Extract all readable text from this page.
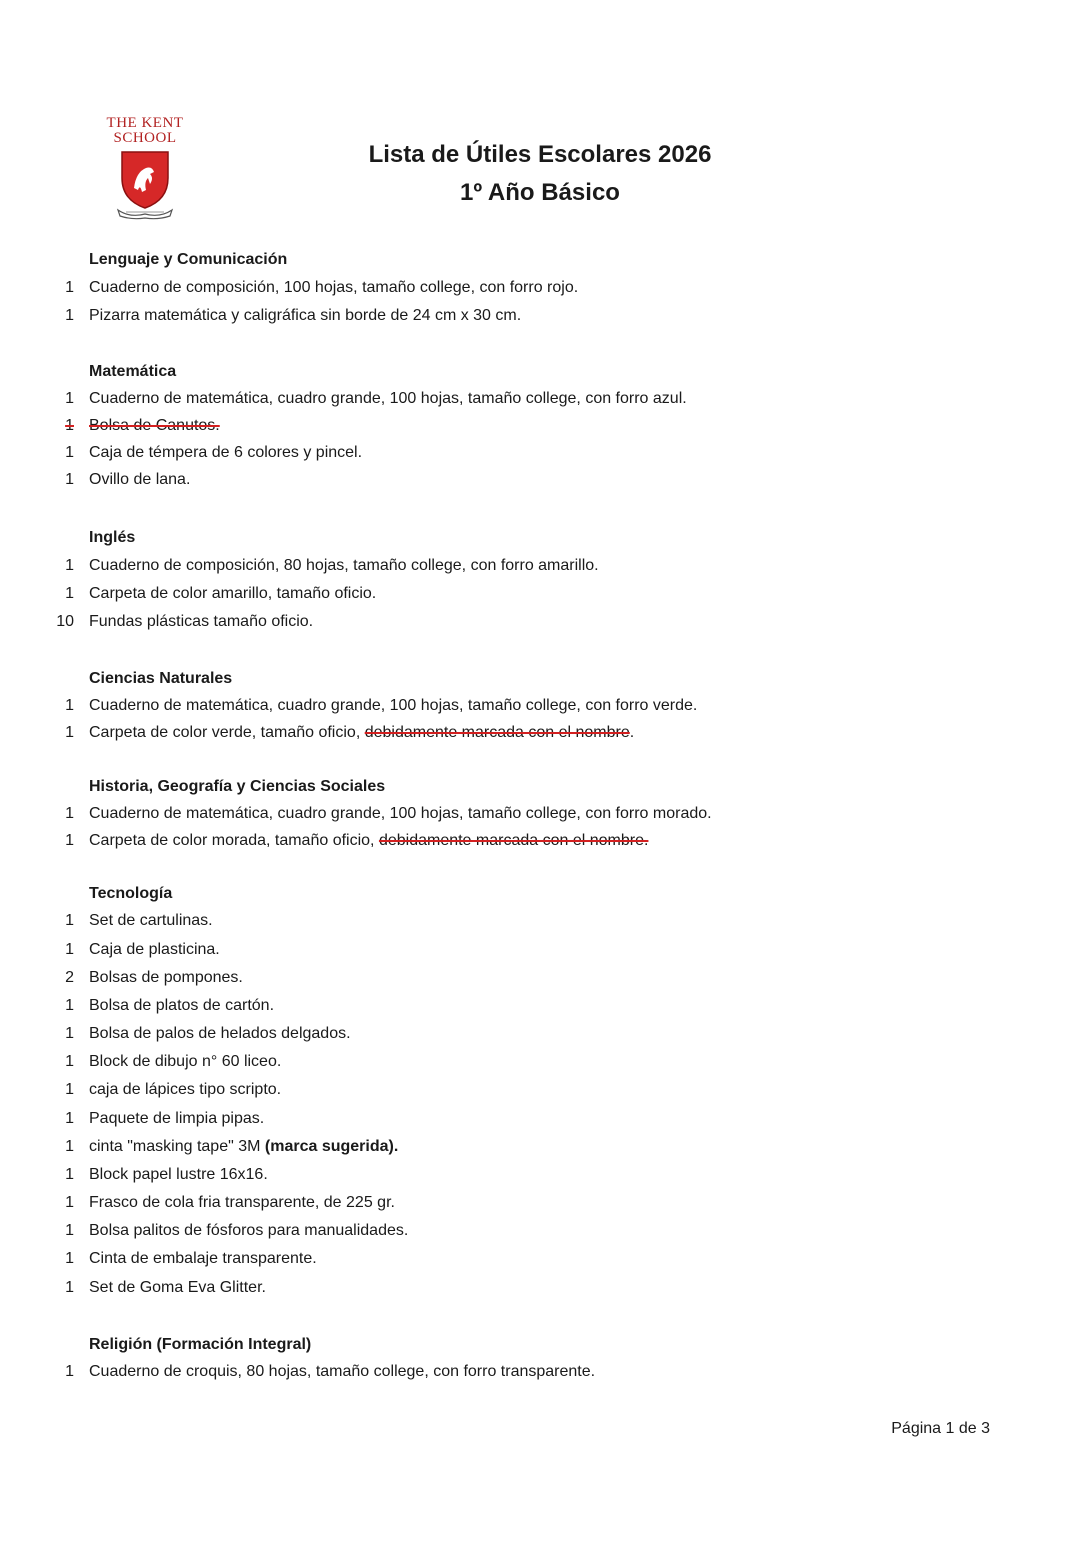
THE KENT
SCHOOL
Lista de Útiles Escolares 2026
1º Año Básico
Lenguaje y Comunicación
1 Cuaderno de composición, 100 hojas, tamaño college, con forro rojo.
1 Pizarra matemática y caligráfica sin borde de 24 cm x 30 cm.
Matemática
1 Cuaderno de matemática, cuadro grande, 100 hojas, tamaño college, con forro azul.
1 Bolsa de Canutos.
1 Caja de témpera de 6 colores y pincel.
1 Ovillo de lana.
Inglés
1 Cuaderno de composición, 80 hojas, tamaño college, con forro amarillo.
1 Carpeta de color amarillo, tamaño oficio.
10 Fundas plásticas tamaño oficio.
Ciencias Naturales
1 Cuaderno de matemática, cuadro grande, 100 hojas, tamaño college, con forro verde.
1 Carpeta de color verde, tamaño oficio, debidamente marcada con el nombre.
Historia, Geografía y Ciencias Sociales
1 Cuaderno de matemática, cuadro grande, 100 hojas, tamaño college, con forro morado.
1 Carpeta de color morada, tamaño oficio, debidamente marcada con el nombre.
Tecnología
1 Set de cartulinas.
1 Caja de plasticina.
2 Bolsas de pompones.
1 Bolsa de platos de cartón.
1 Bolsa de palos de helados delgados.
1 Block de dibujo n° 60 liceo.
1 caja de lápices tipo scripto.
1 Paquete de limpia pipas.
1 cinta "masking tape" 3M (marca sugerida).
1 Block papel lustre 16x16.
1 Frasco de cola fria transparente, de 225 gr.
1 Bolsa palitos de fósforos para manualidades.
1 Cinta de embalaje transparente.
1 Set de Goma Eva Glitter.
Religión (Formación Integral)
1 Cuaderno de croquis, 80 hojas, tamaño college, con forro transparente.
Página 1 de 3
